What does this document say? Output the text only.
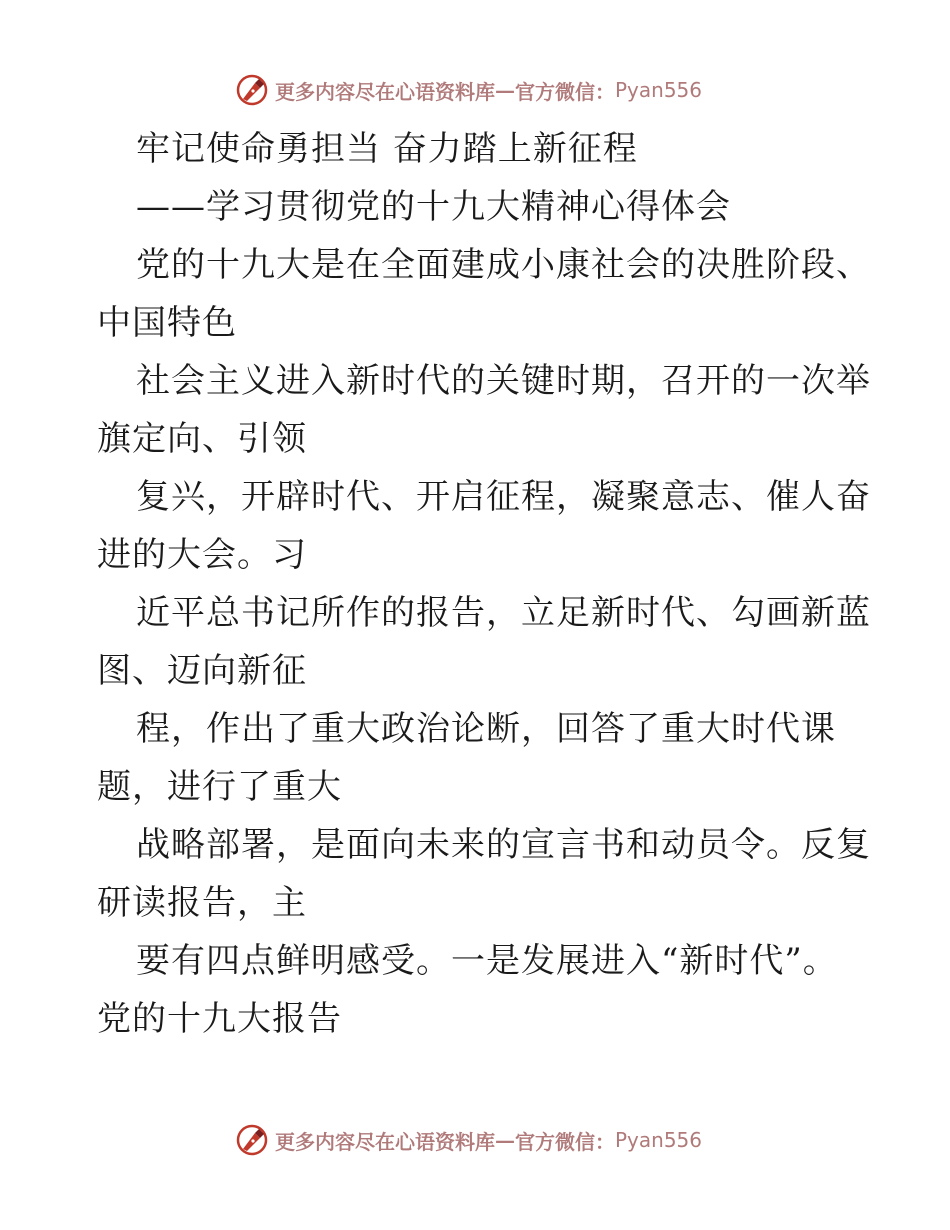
更多内容尽在心语资料库 — 官方微信： Pyan556
牢记使命勇担当 奋力踏上新征程
——学习贯彻党的十九大精神心得体会
党的十九大是在全面建成小康社会的决胜阶段、
中国特色
社会主义进入新时代的关键时期，召开的一次举
旗定向、引领
复兴，开辟时代、开启征程，凝聚意志、催人奋
进的大会。习
近平总书记所作的报告，立足新时代、勾画新蓝
图、迈向新征
程，作出了重大政治论断，回答了重大时代课
题，进行了重大
战略部署，是面向未来的宣言书和动员令。反复
研读报告，主
要有四点鲜明感受。一是发展进入“新时代”。
党的十九大报告
更多内容尽在心语资料库 — 官方微信： Pyan556
